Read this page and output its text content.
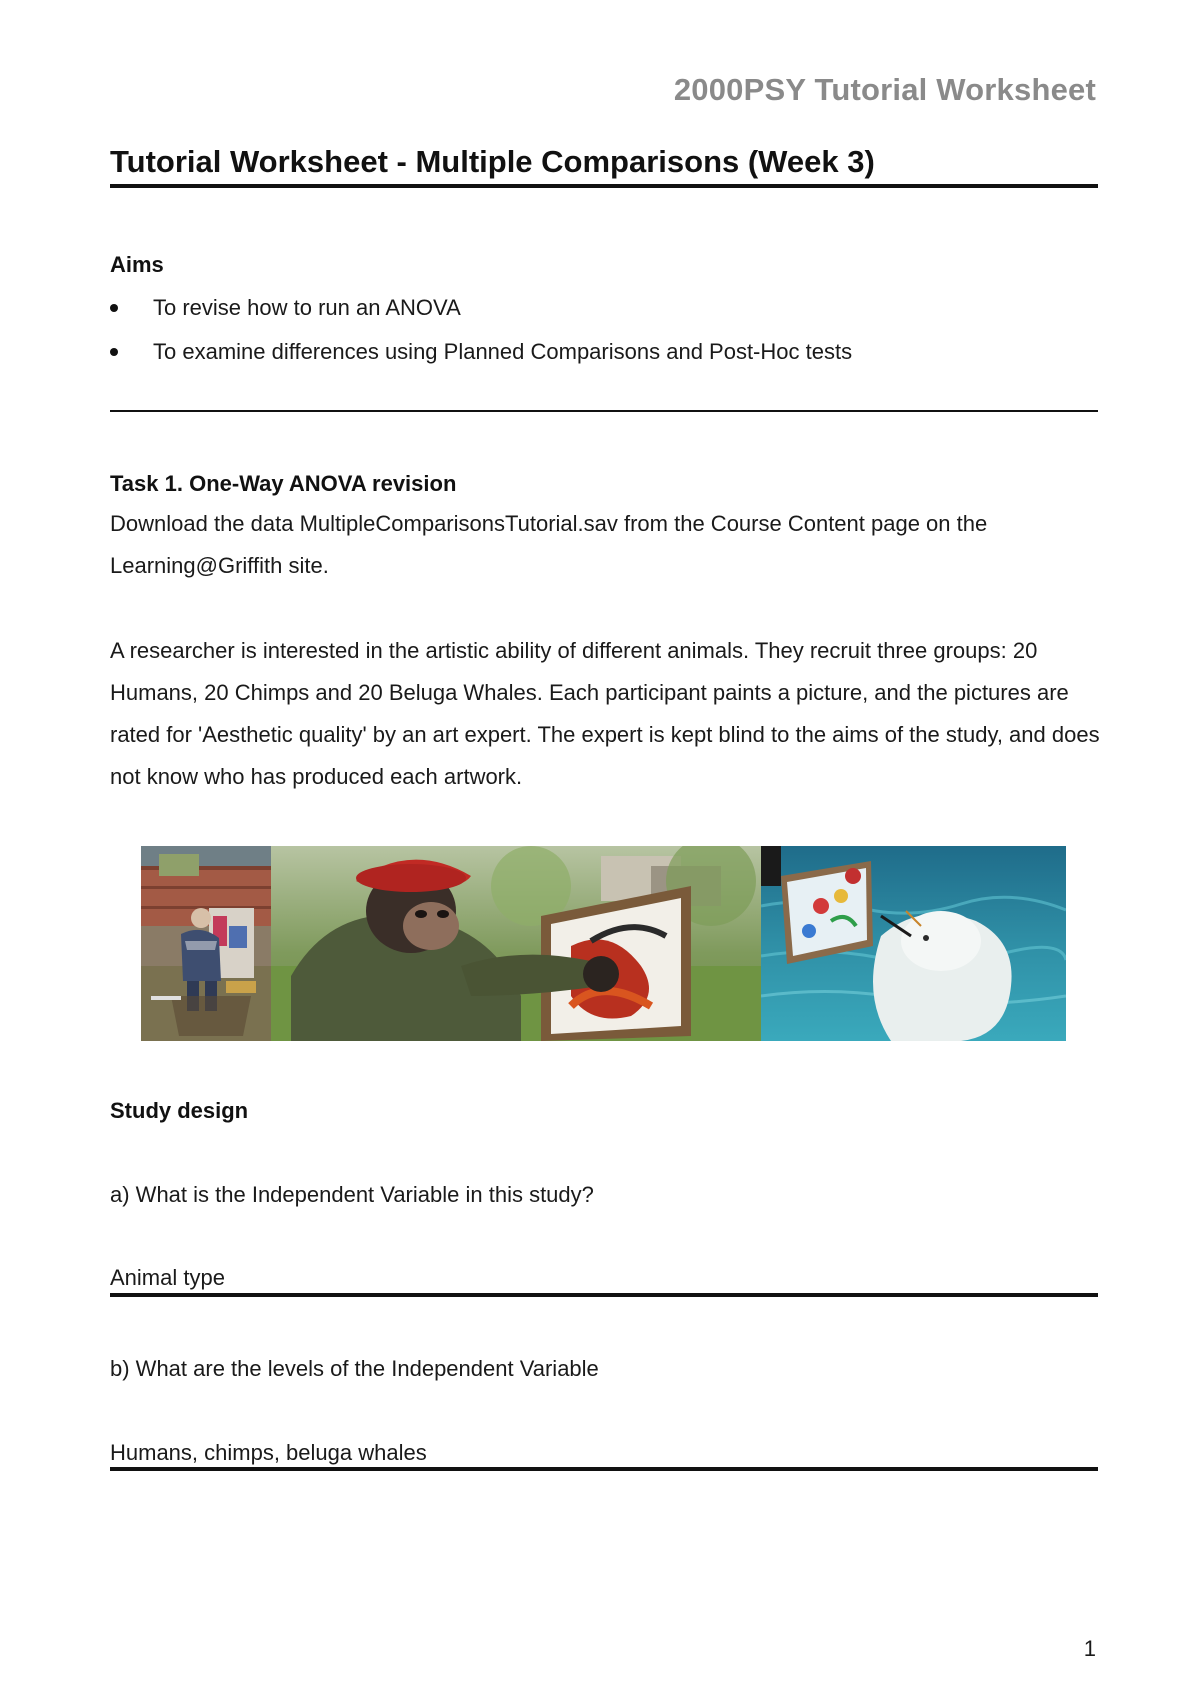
2000PSY Tutorial Worksheet
Tutorial Worksheet - Multiple Comparisons (Week 3)
Aims
To revise how to run an ANOVA
To examine differences using Planned Comparisons and Post-Hoc tests
Task 1. One-Way ANOVA revision
Download the data MultipleComparisonsTutorial.sav from the Course Content page on the Learning@Griffith site.
A researcher is interested in the artistic ability of different animals. They recruit three groups: 20 Humans, 20 Chimps and 20 Beluga Whales. Each participant paints a picture, and the pictures are rated for 'Aesthetic quality' by an art expert. The expert is kept blind to the aims of the study, and does not know who has produced each artwork.
Study design
a) What is the Independent Variable in this study?
Animal type
b) What are the levels of the Independent Variable
Humans, chimps, beluga whales
1
